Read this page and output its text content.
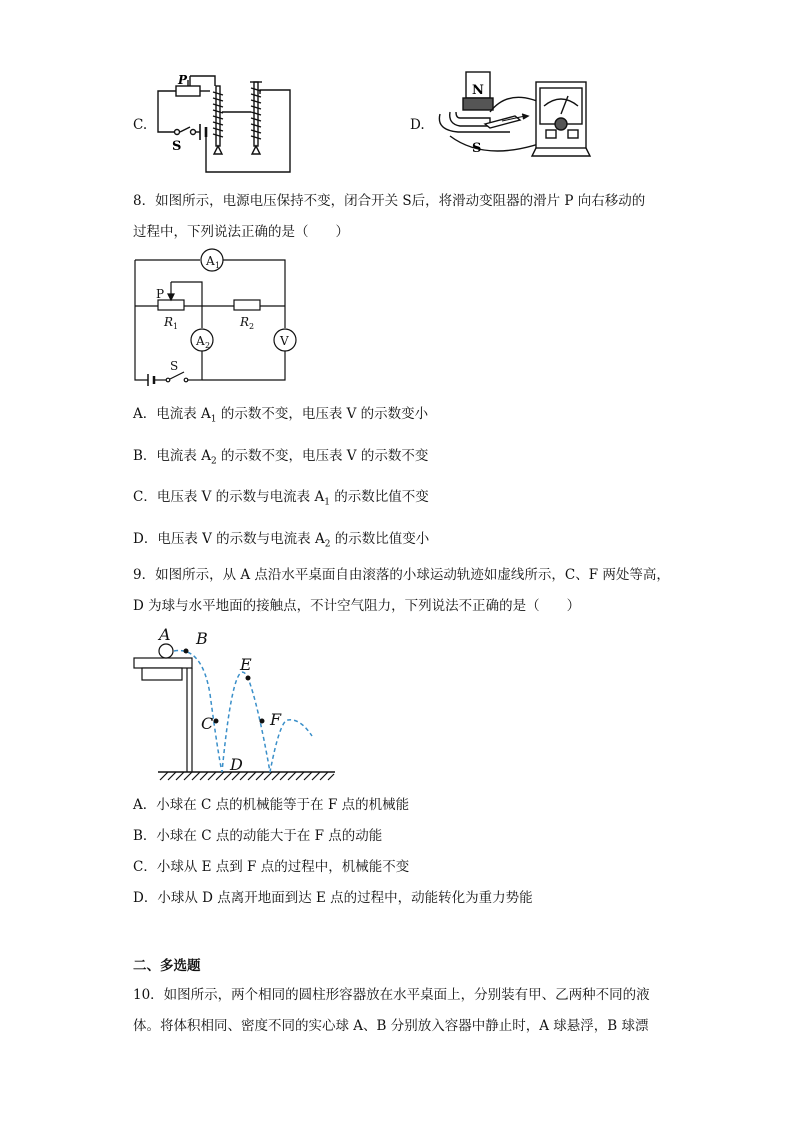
C.
P
S
D.
N
S
8．如图所示，电源电压保持不变，闭合开关 S后，将滑动变阻器的滑片 P 向右移动的
过程中，下列说法正确的是（　　）
A 1
A 2	V
P
R 1	R 2
S
A．电流表 $A_1$ 的示数不变，电压表 V 的示数变小
B．电流表 $A_2$ 的示数不变，电压表 V 的示数不变
C．电压表 V 的示数与电流表 $A_1$ 的示数比值不变
D．电压表 V 的示数与电流表 $A_2$ 的示数比值变小
9．如图所示，从 A 点沿水平桌面自由滚落的小球运动轨迹如虚线所示，C、F 两处等高，
D 为球与水平地面的接触点，不计空气阻力，下列说法不正确的是（　　）
A B
C
D
E
F
A．小球在 C 点的机械能等于在 F 点的机械能
B．小球在 C 点的动能大于在 F 点的动能
C．小球从 E 点到 F 点的过程中，机械能不变
D．小球从 D 点离开地面到达 E 点的过程中，动能转化为重力势能
二、多选题
10．如图所示，两个相同的圆柱形容器放在水平桌面上，分别装有甲、乙两种不同的液
体。将体积相同、密度不同的实心球 A、B 分别放入容器中静止时，A 球悬浮，B 球漂
